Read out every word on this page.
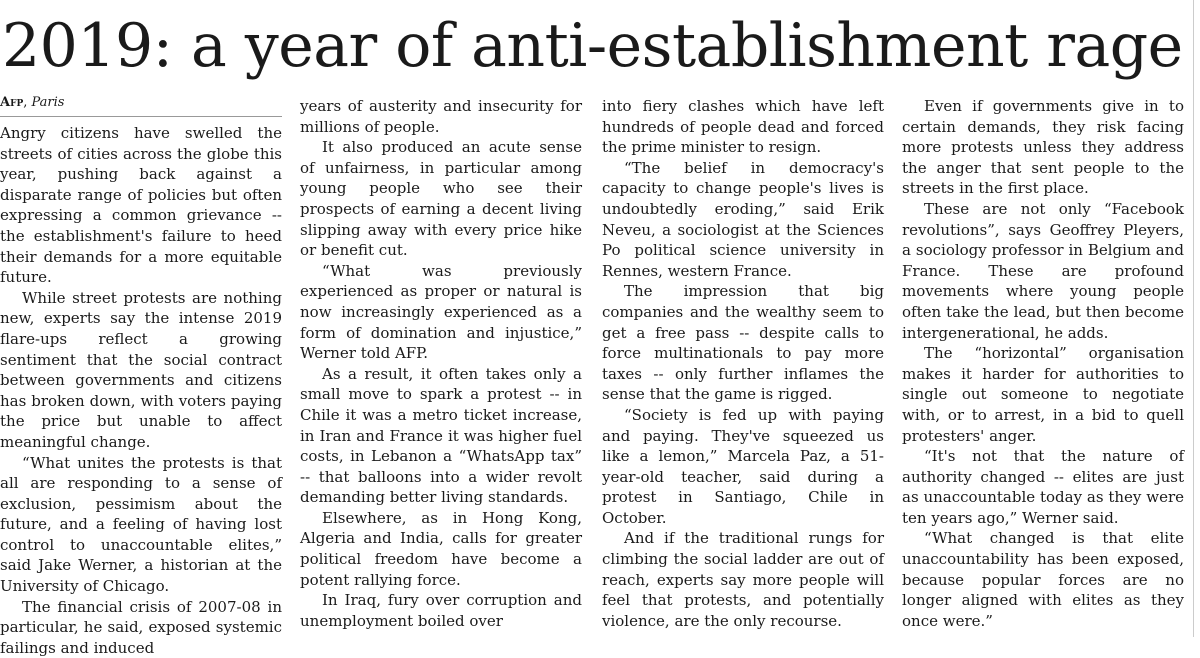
2019: a year of anti-establishment rage
Afp, Paris

Angry citizens have swelled the streets of cities across the globe this year, pushing back against a disparate range of policies but often expressing a common grievance -- the establishment's failure to heed their demands for a more equitable future.

While street protests are nothing new, experts say the intense 2019 flare-ups reflect a growing sentiment that the social contract between governments and citizens has broken down, with voters paying the price but unable to affect meaningful change.

“What unites the protests is that all are responding to a sense of exclusion, pessimism about the future, and a feeling of having lost control to unaccountable elites,” said Jake Werner, a historian at the University of Chicago.

The financial crisis of 2007-08 in particular, he said, exposed systemic failings and induced

years of austerity and insecurity for millions of people.

It also produced an acute sense of unfairness, in particular among young people who see their prospects of earning a decent living slipping away with every price hike or benefit cut.

“What was previously experienced as proper or natural is now increasingly experienced as a form of domination and injustice,” Werner told AFP.

As a result, it often takes only a small move to spark a protest -- in Chile it was a metro ticket increase, in Iran and France it was higher fuel costs, in Lebanon a “WhatsApp tax” -- that balloons into a wider revolt demanding better living standards.

Elsewhere, as in Hong Kong, Algeria and India, calls for greater political freedom have become a potent rallying force.

In Iraq, fury over corruption and unemployment boiled over

into fiery clashes which have left hundreds of people dead and forced the prime minister to resign.

“The belief in democracy's capacity to change people's lives is undoubtedly eroding,” said Erik Neveu, a sociologist at the Sciences Po political science university in Rennes, western France.

The impression that big companies and the wealthy seem to get a free pass -- despite calls to force multinationals to pay more taxes -- only further inflames the sense that the game is rigged.

“Society is fed up with paying and paying. They've squeezed us like a lemon,” Marcela Paz, a 51-year-old teacher, said during a protest in Santiago, Chile in October.

And if the traditional rungs for climbing the social ladder are out of reach, experts say more people will feel that protests, and potentially violence, are the only recourse.

Even if governments give in to certain demands, they risk facing more protests unless they address the anger that sent people to the streets in the first place.

These are not only “Facebook revolutions”, says Geoffrey Pleyers, a sociology professor in Belgium and France. These are profound movements where young people often take the lead, but then become intergenerational, he adds.

The “horizontal” organisation makes it harder for authorities to single out someone to negotiate with, or to arrest, in a bid to quell protesters' anger.

“It's not that the nature of authority changed -- elites are just as unaccountable today as they were ten years ago,” Werner said.

“What changed is that elite unaccountability has been exposed, because popular forces are no longer aligned with elites as they once were.”
